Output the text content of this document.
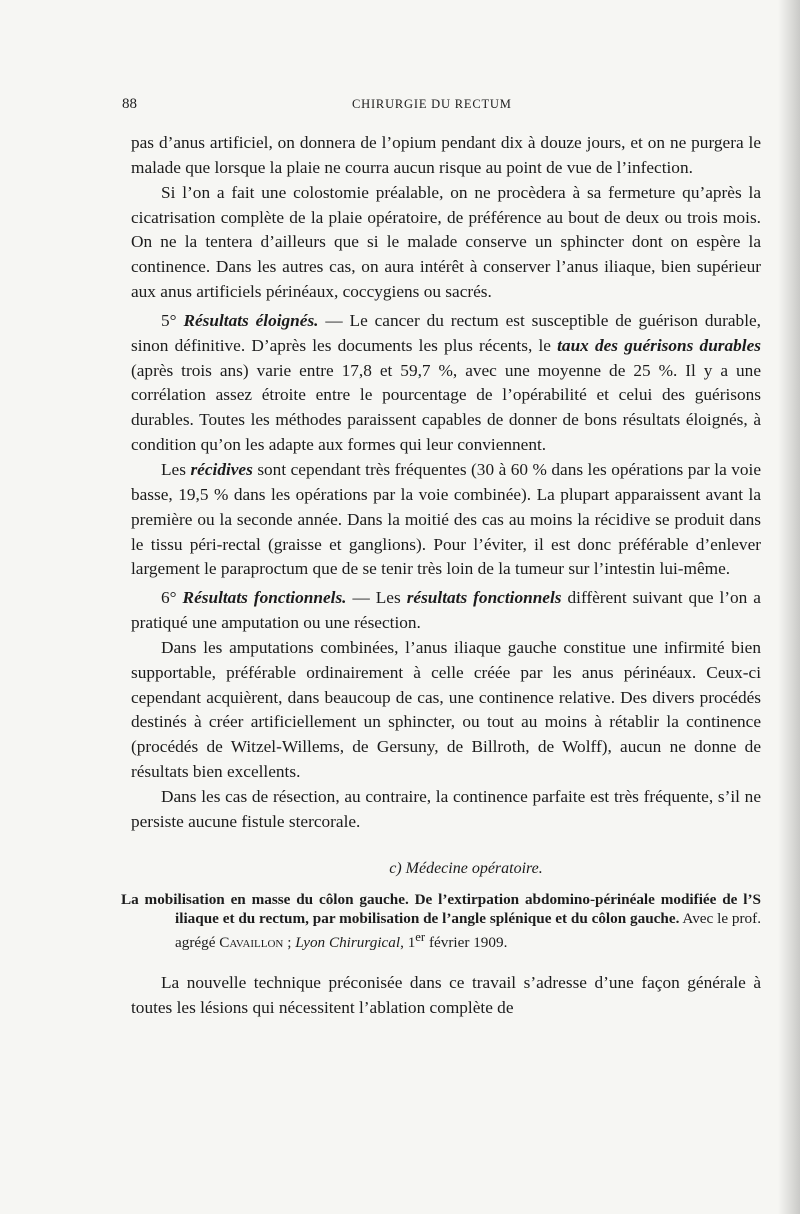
88	CHIRURGIE DU RECTUM

pas d’anus artificiel, on donnera de l’opium pendant dix à douze jours, et on ne purgera le malade que lorsque la plaie ne courra aucun risque au point de vue de l’infection.

Si l’on a fait une colostomie préalable, on ne procèdera à sa fermeture qu’après la cicatrisation complète de la plaie opératoire, de préférence au bout de deux ou trois mois. On ne la tentera d’ailleurs que si le malade conserve un sphincter dont on espère la continence. Dans les autres cas, on aura intérêt à conserver l’anus iliaque, bien supérieur aux anus artificiels périnéaux, coccygiens ou sacrés.

5° Résultats éloignés. — Le cancer du rectum est susceptible de guérison durable, sinon définitive. D’après les documents les plus récents, le taux des guérisons durables (après trois ans) varie entre 17,8 et 59,7 %, avec une moyenne de 25 %. Il y a une corrélation assez étroite entre le pourcentage de l’opérabilité et celui des guérisons durables. Toutes les méthodes paraissent capables de donner de bons résultats éloignés, à condition qu’on les adapte aux formes qui leur conviennent.

Les récidives sont cependant très fréquentes (30 à 60 % dans les opérations par la voie basse, 19,5 % dans les opérations par la voie combinée). La plupart apparaissent avant la première ou la seconde année. Dans la moitié des cas au moins la récidive se produit dans le tissu péri-rectal (graisse et ganglions). Pour l’éviter, il est donc préférable d’enlever largement le paraproctum que de se tenir très loin de la tumeur sur l’intestin lui-même.

6° Résultats fonctionnels. — Les résultats fonctionnels diffèrent suivant que l’on a pratiqué une amputation ou une résection.

Dans les amputations combinées, l’anus iliaque gauche constitue une infirmité bien supportable, préférable ordinairement à celle créée par les anus périnéaux. Ceux-ci cependant acquièrent, dans beaucoup de cas, une continence relative. Des divers procédés destinés à créer artificiellement un sphincter, ou tout au moins à rétablir la continence (procédés de Witzel-Willems, de Gersuny, de Billroth, de Wolff), aucun ne donne de résultats bien excellents.

Dans les cas de résection, au contraire, la continence parfaite est très fréquente, s’il ne persiste aucune fistule stercorale.

c) Médecine opératoire.

La mobilisation en masse du côlon gauche. De l’extirpation abdomino-périnéale modifiée de l’S iliaque et du rectum, par mobilisation de l’angle splénique et du côlon gauche. Avec le prof. agrégé Cavaillon ; Lyon Chirurgical, 1er février 1909.

La nouvelle technique préconisée dans ce travail s’adresse d’une façon générale à toutes les lésions qui nécessitent l’ablation complète de
